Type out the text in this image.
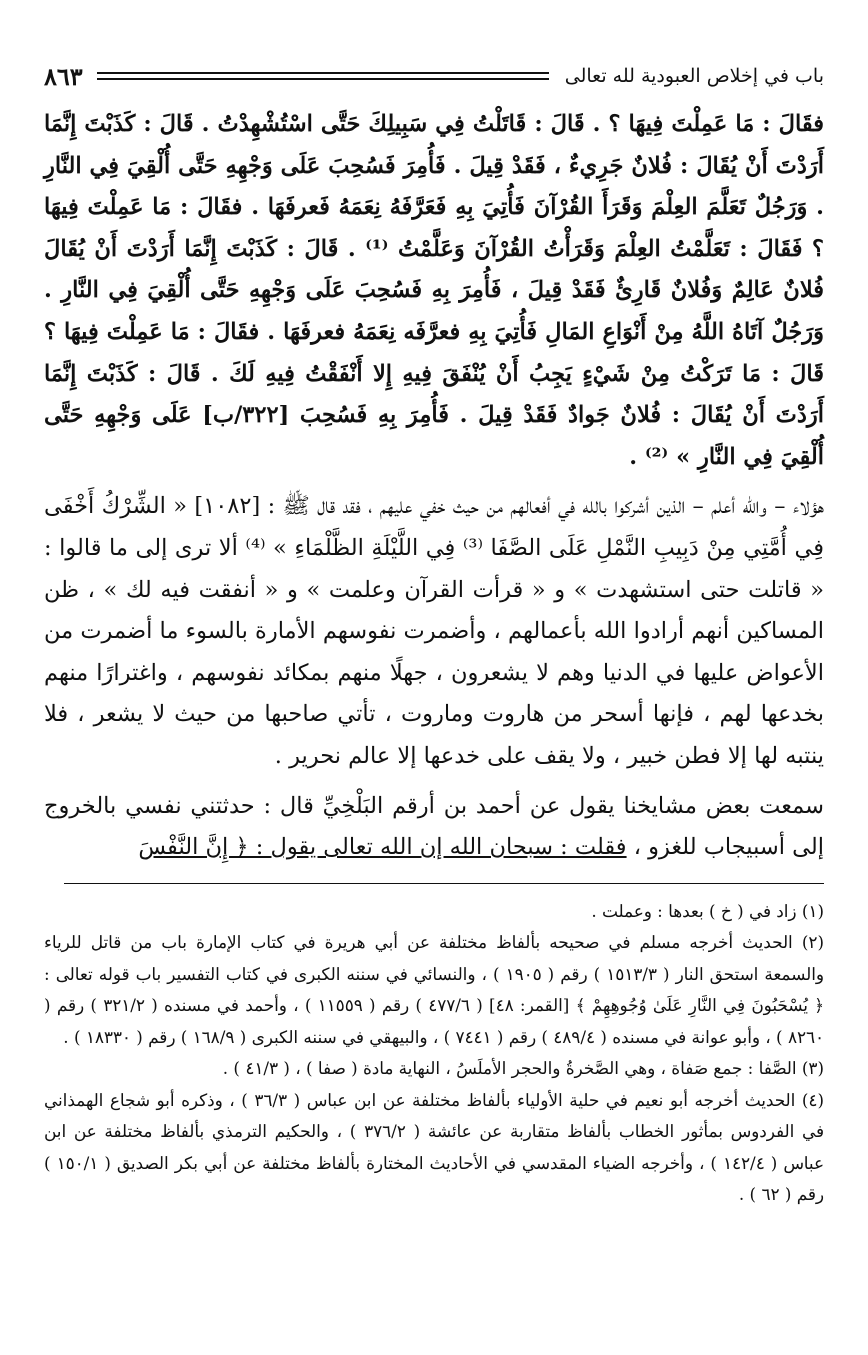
باب في إخلاص العبودية لله تعالى
٨٦٣

فقَالَ : مَا عَمِلْتَ فِيهَا ؟ . قَالَ : قَاتَلْتُ فِي سَبِيلِكَ حَتَّى اسْتُشْهِدْتُ . قَالَ : كَذَبْتَ إِنَّمَا أَرَدْتَ أَنْ يُقَالَ : فُلانٌ جَرِيءٌ ، فَقَدْ قِيلَ . فَأُمِرَ فَسُحِبَ عَلَى وَجْهِهِ حَتَّى أُلْقِيَ فِي النَّارِ . وَرَجُلٌ تَعَلَّمَ العِلْمَ وَقَرَأَ القُرْآنَ فَأُتِيَ بِهِ فَعَرَّفَهُ نِعَمَهُ فَعرفَهَا . فقَالَ : مَا عَمِلْتَ فِيهَا ؟ فَقَالَ : تَعَلَّمْتُ العِلْمَ وَقَرَأْتُ القُرْآنَ وَعَلَّمْتُ ⁽¹⁾ . قَالَ : كَذَبْتَ إِنَّمَا أَرَدْتَ أَنْ يُقَالَ فُلانٌ عَالِمٌ وَفُلانٌ قَارِئٌ فَقَدْ قِيلَ ، فَأُمِرَ بِهِ فَسُحِبَ عَلَى وَجْهِهِ حَتَّى أُلْقِيَ فِي النَّارِ . وَرَجُلٌ آتَاهُ اللَّهُ مِنْ أَنْوَاعِ المَالِ فَأُتِيَ بِهِ فعرَّفَه نِعَمَهُ فعرفَهَا . فقَالَ : مَا عَمِلْتَ فِيهَا ؟ قَالَ : مَا تَرَكْتُ مِنْ شَيْءٍ يَجِبُ أَنْ يُنْفَقَ فِيهِ إِلا أَنْفَقْتُ فِيهِ لَكَ . قَالَ : كَذَبْتَ إِنَّمَا أَرَدْتَ أَنْ يُقَالَ : فُلانٌ جَوادٌ فَقَدْ قِيلَ . فَأُمِرَ بِهِ فَسُحِبَ [٣٢٢/ب] عَلَى وَجْهِهِ حَتَّى أُلْقِيَ فِي النَّارِ » ⁽²⁾ .

هؤلاء – والله أعلم – الذين أشركوا بالله في أفعالهم من حيث خفي عليهم ، فقد قال ﷺ : [١٠٨٢] « الشِّرْكُ أَخْفَى فِي أُمَّتِي مِنْ دَبِيبِ النَّمْلِ عَلَى الصَّفَا ⁽³⁾ فِي اللَّيْلَةِ الظَّلْمَاءِ » ⁽⁴⁾ ألا ترى إلى ما قالوا : « قاتلت حتى استشهدت » و « قرأت القرآن وعلمت » و « أنفقت فيه لك » ، ظن المساكين أنهم أرادوا الله بأعمالهم ، وأضمرت نفوسهم الأمارة بالسوء ما أضمرت من الأعواض عليها في الدنيا وهم لا يشعرون ، جهلًا منهم بمكائد نفوسهم ، واغترارًا منهم بخدعها لهم ، فإنها أسحر من هاروت وماروت ، تأتي صاحبها من حيث لا يشعر ، فلا ينتبه لها إلا فطن خبير ، ولا يقف على خدعها إلا عالم نحرير .

سمعت بعض مشايخنا يقول عن أحمد بن أرقم البَلْخِيِّ قال : حدثتني نفسي بالخروج إلى أسبيجاب للغزو ، فقلت : سبحان الله إن الله تعالى يقول : ﴿ إِنَّ النَّفْسَ

(١) زاد في ( خ ) بعدها : وعملت .

(٢) الحديث أخرجه مسلم في صحيحه بألفاظ مختلفة عن أبي هريرة في كتاب الإمارة باب من قاتل للرياء والسمعة استحق النار ( ١٥١٣/٣ ) رقم ( ١٩٠٥ ) ، والنسائي في سننه الكبرى في كتاب التفسير باب قوله تعالى : ﴿ يُسْحَبُونَ فِي النَّارِ عَلَىٰ وُجُوهِهِمْ ﴾ [القمر: ٤٨] ( ٤٧٧/٦ ) رقم ( ١١٥٥٩ ) ، وأحمد في مسنده ( ٣٢١/٢ ) رقم ( ٨٢٦٠ ) ، وأبو عوانة في مسنده ( ٤٨٩/٤ ) رقم ( ٧٤٤١ ) ، والبيهقي في سننه الكبرى ( ١٦٨/٩ ) رقم ( ١٨٣٣٠ ) .

(٣) الصَّفا : جمع صَفاة ، وهي الصَّخرةُ والحجر الأملَسُ ، النهاية مادة ( صفا ) ، ( ٤١/٣ ) .

(٤) الحديث أخرجه أبو نعيم في حلية الأولياء بألفاظ مختلفة عن ابن عباس ( ٣٦/٣ ) ، وذكره أبو شجاع الهمذاني في الفردوس بمأثور الخطاب بألفاظ متقاربة عن عائشة ( ٣٧٦/٢ ) ، والحكيم الترمذي بألفاظ مختلفة عن ابن عباس ( ١٤٢/٤ ) ، وأخرجه الضياء المقدسي في الأحاديث المختارة بألفاظ مختلفة عن أبي بكر الصديق ( ١٥٠/١ ) رقم ( ٦٢ ) .
